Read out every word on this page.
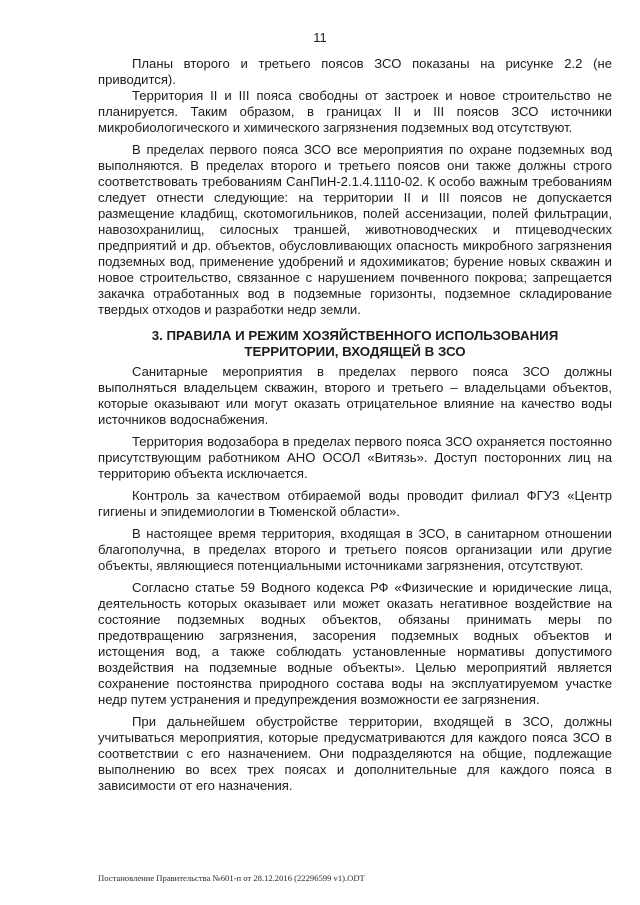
11

Планы второго и третьего поясов ЗСО показаны на рисунке 2.2 (не приводится).

Территория II и III пояса свободны от застроек и новое строительство не планируется. Таким образом, в границах II и III поясов ЗСО источники микробиологического и химического загрязнения подземных вод отсутствуют.

В пределах первого пояса ЗСО все мероприятия по охране подземных вод выполняются. В пределах второго и третьего поясов они также должны строго соответствовать требованиям СанПиН-2.1.4.1110-02. К особо важным требованиям следует отнести следующие: на территории II и III поясов не допускается размещение кладбищ, скотомогильников, полей ассенизации, полей фильтрации, навозохранилищ, силосных траншей, животноводческих и птицеводческих предприятий и др. объектов, обусловливающих опасность микробного загрязнения подземных вод, применение удобрений и ядохимикатов; бурение новых скважин и новое строительство, связанное с нарушением почвенного покрова; запрещается закачка отработанных вод в подземные горизонты, подземное складирование твердых отходов и разработки недр земли.

3. ПРАВИЛА И РЕЖИМ ХОЗЯЙСТВЕННОГО ИСПОЛЬЗОВАНИЯ
ТЕРРИТОРИИ, ВХОДЯЩЕЙ В ЗСО

Санитарные мероприятия в пределах первого пояса ЗСО должны выполняться владельцем скважин, второго и третьего – владельцами объектов, которые оказывают или могут оказать отрицательное влияние на качество воды источников водоснабжения.

Территория водозабора в пределах первого пояса ЗСО охраняется постоянно присутствующим работником АНО ОСОЛ «Витязь». Доступ посторонних лиц на территорию объекта исключается.

Контроль за качеством отбираемой воды проводит филиал ФГУЗ «Центр гигиены и эпидемиологии в Тюменской области».

В настоящее время территория, входящая в ЗСО, в санитарном отношении благополучна, в пределах второго и третьего поясов организации или другие объекты, являющиеся потенциальными источниками загрязнения, отсутствуют.

Согласно статье 59 Водного кодекса РФ «Физические и юридические лица, деятельность которых оказывает или может оказать негативное воздействие на состояние подземных водных объектов, обязаны принимать меры по предотвращению загрязнения, засорения подземных водных объектов и истощения вод, а также соблюдать установленные нормативы допустимого воздействия на подземные водные объекты». Целью мероприятий является сохранение постоянства природного состава воды на эксплуатируемом участке недр путем устранения и предупреждения возможности ее загрязнения.

При дальнейшем обустройстве территории, входящей в ЗСО, должны учитываться мероприятия, которые предусматриваются для каждого пояса ЗСО в соответствии с его назначением. Они подразделяются на общие, подлежащие выполнению во всех трех поясах и дополнительные для каждого пояса в зависимости от его назначения.

Постановление Правительства №601-п от 28.12.2016 (22296599 v1).ODT
